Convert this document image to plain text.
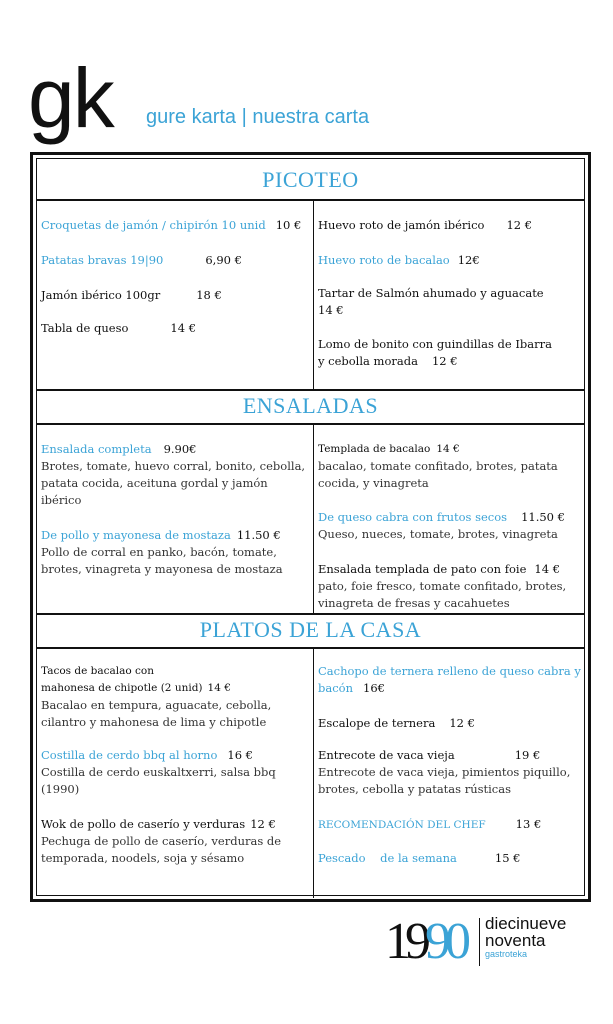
gk gure karta | nuestra carta
PICOTEO
Croquetas de jamón / chipirón 10 unid 10 €
Patatas bravas 19|90	6,90 €
Jamón ibérico 100gr	18 €
Tabla de queso	14 €
Huevo roto de jamón ibérico 12 €
Huevo roto de bacalao 12€
Tartar de Salmón ahumado y aguacate
14 €
Lomo de bonito con guindillas de Ibarra
y cebolla morada 12 €
ENSALADAS
Ensalada completa 9.90€
Brotes, tomate, huevo corral, bonito, cebolla, patata cocida, aceituna gordal y jamón ibérico
De pollo y mayonesa de mostaza 11.50 €
Pollo de corral en panko, bacón, tomate, brotes, vinagreta y mayonesa de mostaza
Templada de bacalao 14 €
bacalao, tomate confitado, brotes, patata cocida, y vinagreta
De queso cabra con frutos secos 11.50 €
Queso, nueces, tomate, brotes, vinagreta
Ensalada templada de pato con foie 14 €
pato, foie fresco, tomate confitado, brotes, vinagreta de fresas y cacahuetes
PLATOS DE LA CASA
Tacos de bacalao con
mahonesa de chipotle (2 unid) 14 €
Bacalao en tempura, aguacate, cebolla, cilantro y mahonesa de lima y chipotle
Costilla de cerdo bbq al horno 16 €
Costilla de cerdo euskaltxerri, salsa bbq (1990)
Wok de pollo de caserío y verduras 12 €
Pechuga de pollo de caserío, verduras de temporada, noodels, soja y sésamo
Cachopo de ternera relleno de queso cabra y
bacón 16€
Escalope de ternera 12 €
Entrecote de vaca vieja	19 €
Entrecote de vaca vieja, pimientos piquillo, brotes, cebolla y patatas rústicas
RECOMENDACIÓN DEL CHEF	13 €
Pescado    de la semana	15 €
1990 diecinueve
noventa
gastroteka
